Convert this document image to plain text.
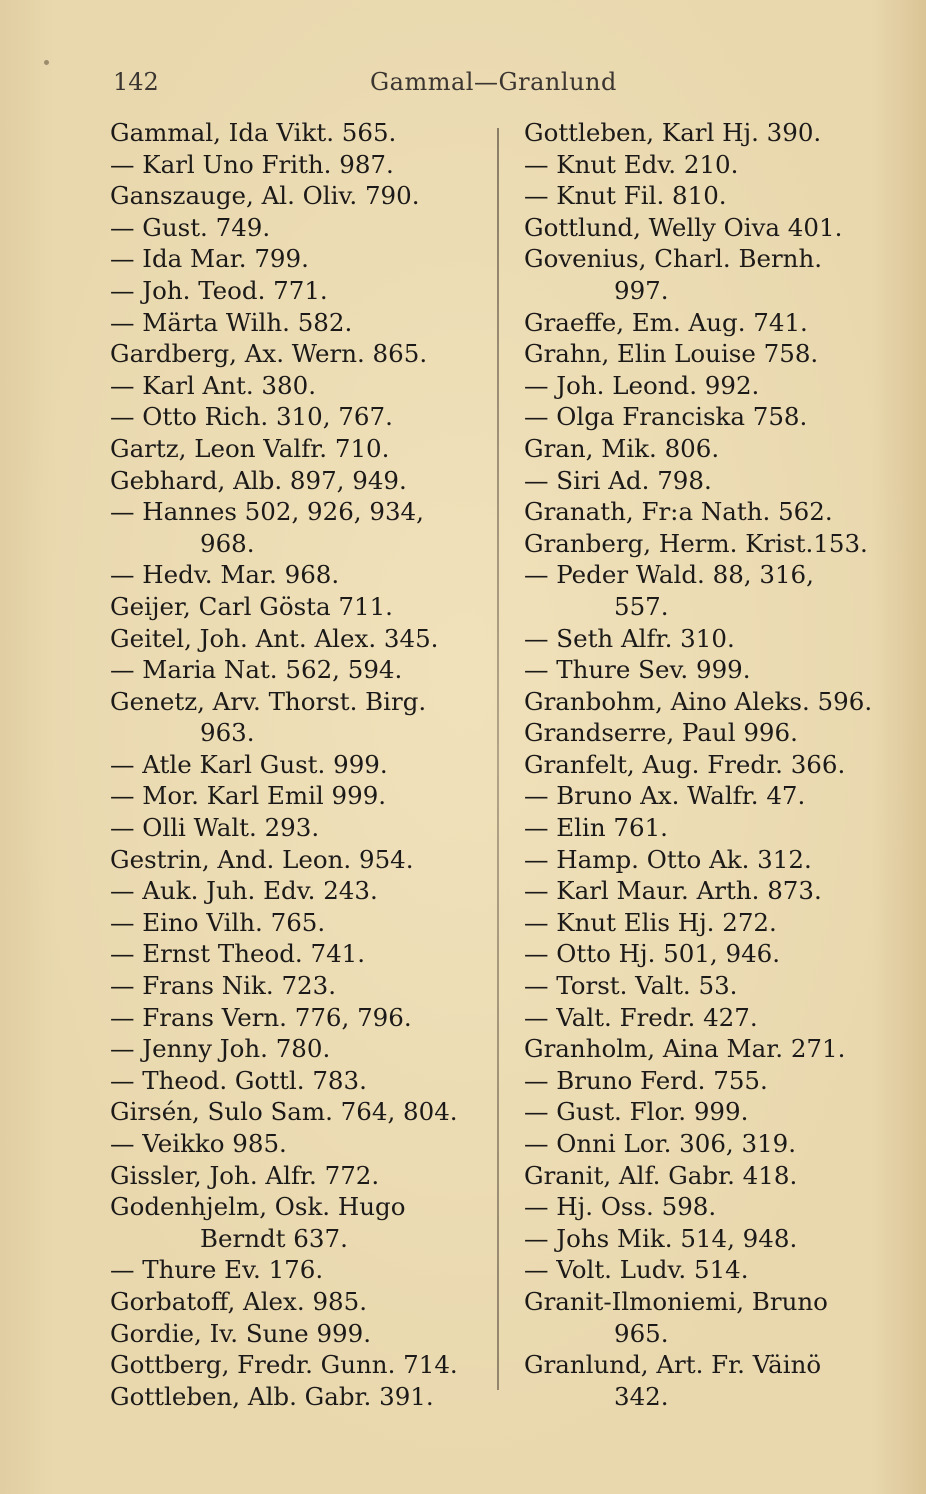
142	Gammal—Granlund
Gammal, Ida Vikt. 565.
— Karl Uno Frith. 987.
Ganszauge, Al. Oliv. 790.
— Gust. 749.
— Ida Mar. 799.
— Joh. Teod. 771.
— Märta Wilh. 582.
Gardberg, Ax. Wern. 865.
— Karl Ant. 380.
— Otto Rich. 310, 767.
Gartz, Leon Valfr. 710.
Gebhard, Alb. 897, 949.
— Hannes 502, 926, 934,
968.
— Hedv. Mar. 968.
Geijer, Carl Gösta 711.
Geitel, Joh. Ant. Alex. 345.
— Maria Nat. 562, 594.
Genetz, Arv. Thorst. Birg.
963.
— Atle Karl Gust. 999.
— Mor. Karl Emil 999.
— Olli Walt. 293.
Gestrin, And. Leon. 954.
— Auk. Juh. Edv. 243.
— Eino Vilh. 765.
— Ernst Theod. 741.
— Frans Nik. 723.
— Frans Vern. 776, 796.
— Jenny Joh. 780.
— Theod. Gottl. 783.
Girsén, Sulo Sam. 764, 804.
— Veikko 985.
Gissler, Joh. Alfr. 772.
Godenhjelm, Osk. Hugo
Berndt 637.
— Thure Ev. 176.
Gorbatoff, Alex. 985.
Gordie, Iv. Sune 999.
Gottberg, Fredr. Gunn. 714.
Gottleben, Alb. Gabr. 391.
Gottleben, Karl Hj. 390.
— Knut Edv. 210.
— Knut Fil. 810.
Gottlund, Welly Oiva 401.
Govenius, Charl. Bernh.
997.
Graeffe, Em. Aug. 741.
Grahn, Elin Louise 758.
— Joh. Leond. 992.
— Olga Franciska 758.
Gran, Mik. 806.
— Siri Ad. 798.
Granath, Fr:a Nath. 562.
Granberg, Herm. Krist.153.
— Peder Wald. 88, 316,
557.
— Seth Alfr. 310.
— Thure Sev. 999.
Granbohm, Aino Aleks. 596.
Grandserre, Paul 996.
Granfelt, Aug. Fredr. 366.
— Bruno Ax. Walfr. 47.
— Elin 761.
— Hamp. Otto Ak. 312.
— Karl Maur. Arth. 873.
— Knut Elis Hj. 272.
— Otto Hj. 501, 946.
— Torst. Valt. 53.
— Valt. Fredr. 427.
Granholm, Aina Mar. 271.
— Bruno Ferd. 755.
— Gust. Flor. 999.
— Onni Lor. 306, 319.
Granit, Alf. Gabr. 418.
— Hj. Oss. 598.
— Johs Mik. 514, 948.
— Volt. Ludv. 514.
Granit-Ilmoniemi, Bruno
965.
Granlund, Art. Fr. Väinö
342.
